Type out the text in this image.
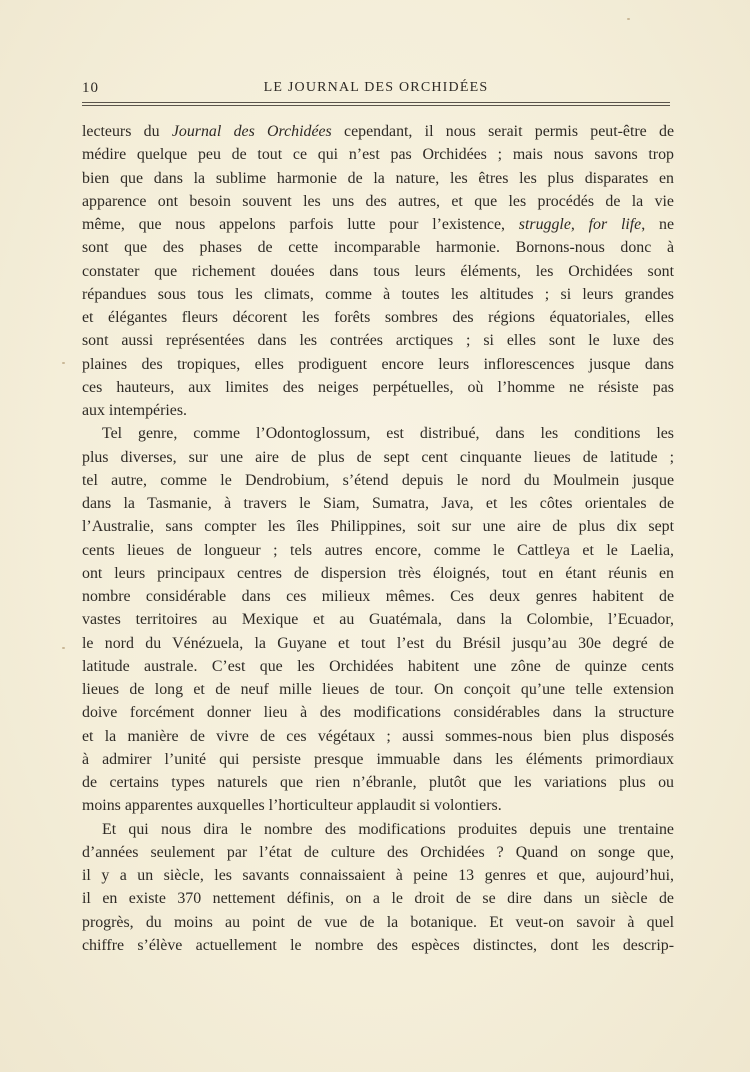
10	LE JOURNAL DES ORCHIDÉES
lecteurs du Journal des Orchidées cependant, il nous serait permis peut-être de
médire quelque peu de tout ce qui n’est pas Orchidées ; mais nous savons trop
bien que dans la sublime harmonie de la nature, les êtres les plus disparates en
apparence ont besoin souvent les uns des autres, et que les procédés de la vie
même, que nous appelons parfois lutte pour l’existence, struggle, for life, ne
sont que des phases de cette incomparable harmonie. Bornons-nous donc à
constater que richement douées dans tous leurs éléments, les Orchidées sont
répandues sous tous les climats, comme à toutes les altitudes ; si leurs grandes
et élégantes fleurs décorent les forêts sombres des régions équatoriales, elles
sont aussi représentées dans les contrées arctiques ; si elles sont le luxe des
plaines des tropiques, elles prodiguent encore leurs inflorescences jusque dans
ces hauteurs, aux limites des neiges perpétuelles, où l’homme ne résiste pas
aux intempéries.
Tel genre, comme l’Odontoglossum, est distribué, dans les conditions les
plus diverses, sur une aire de plus de sept cent cinquante lieues de latitude ;
tel autre, comme le Dendrobium, s’étend depuis le nord du Moulmein jusque
dans la Tasmanie, à travers le Siam, Sumatra, Java, et les côtes orientales de
l’Australie, sans compter les îles Philippines, soit sur une aire de plus dix sept
cents lieues de longueur ; tels autres encore, comme le Cattleya et le Laelia,
ont leurs principaux centres de dispersion très éloignés, tout en étant réunis en
nombre considérable dans ces milieux mêmes. Ces deux genres habitent de
vastes territoires au Mexique et au Guatémala, dans la Colombie, l’Ecuador,
le nord du Vénézuela, la Guyane et tout l’est du Brésil jusqu’au 30e degré de
latitude australe. C’est que les Orchidées habitent une zône de quinze cents
lieues de long et de neuf mille lieues de tour. On conçoit qu’une telle extension
doive forcément donner lieu à des modifications considérables dans la structure
et la manière de vivre de ces végétaux ; aussi sommes-nous bien plus disposés
à admirer l’unité qui persiste presque immuable dans les éléments primordiaux
de certains types naturels que rien n’ébranle, plutôt que les variations plus ou
moins apparentes auxquelles l’horticulteur applaudit si volontiers.
Et qui nous dira le nombre des modifications produites depuis une trentaine
d’années seulement par l’état de culture des Orchidées ? Quand on songe que,
il y a un siècle, les savants connaissaient à peine 13 genres et que, aujourd’hui,
il en existe 370 nettement définis, on a le droit de se dire dans un siècle de
progrès, du moins au point de vue de la botanique. Et veut-on savoir à quel
chiffre s’élève actuellement le nombre des espèces distinctes, dont les descrip-
